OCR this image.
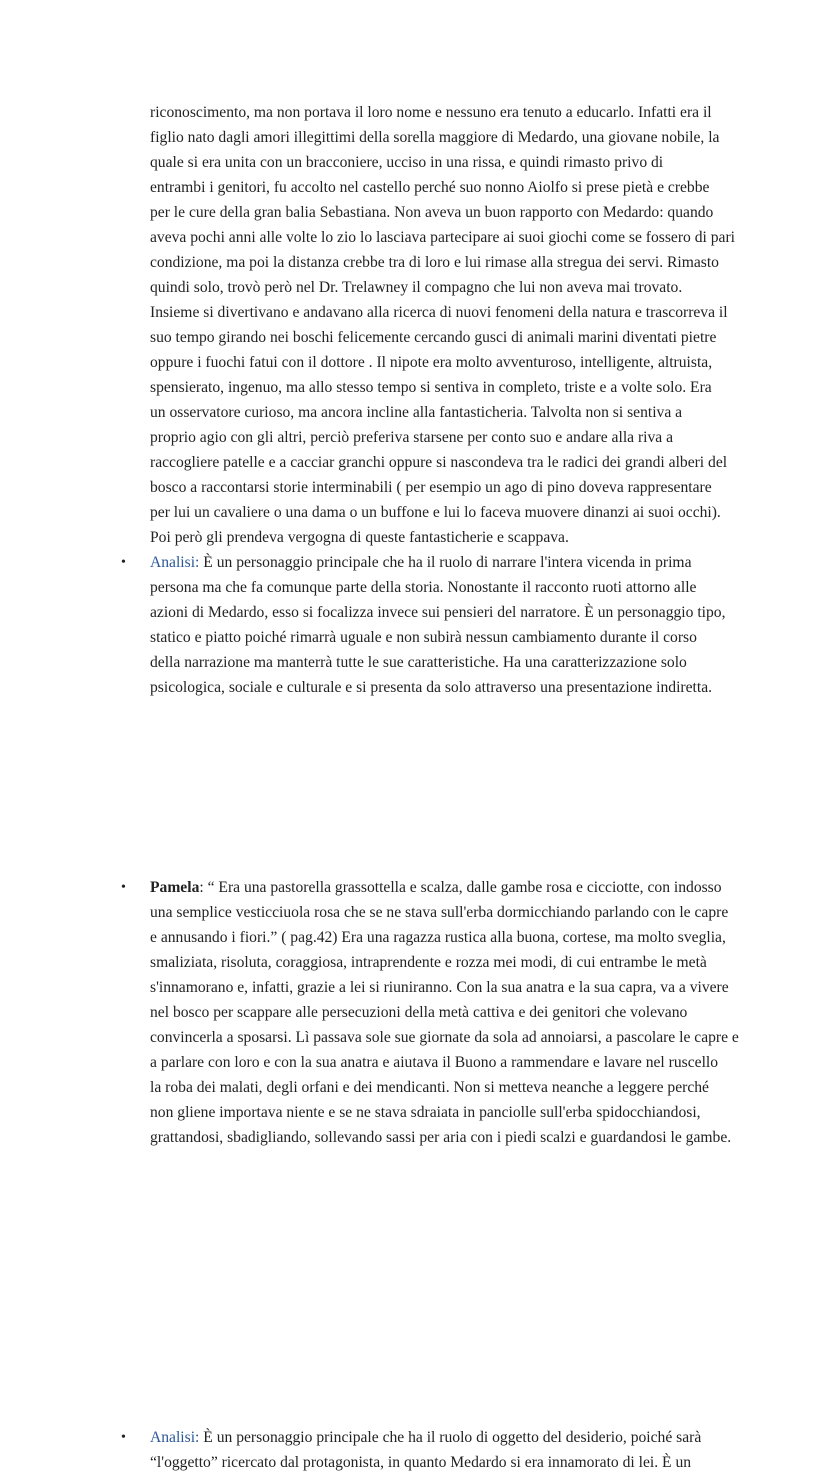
riconoscimento, ma non portava il loro nome e nessuno era tenuto a educarlo. Infatti era il
figlio nato dagli amori illegittimi della sorella maggiore di Medardo, una giovane nobile, la
quale si era unita con un bracconiere, ucciso in una rissa, e quindi rimasto privo di
entrambi i genitori, fu accolto nel castello perché suo nonno Aiolfo si prese pietà e crebbe
per le cure della gran balia Sebastiana. Non aveva un buon rapporto con Medardo: quando
aveva pochi anni alle volte lo zio lo lasciava partecipare ai suoi giochi come se fossero di pari
condizione, ma poi la distanza crebbe tra di loro e lui rimase alla stregua dei servi. Rimasto
quindi solo, trovò però nel Dr. Trelawney il compagno che lui non aveva mai trovato.
Insieme si divertivano e andavano alla ricerca di nuovi fenomeni della natura e trascorreva il
suo tempo girando nei boschi felicemente cercando gusci di animali marini diventati pietre
oppure i fuochi fatui con il dottore . Il nipote era molto avventuroso, intelligente, altruista,
spensierato, ingenuo, ma allo stesso tempo si sentiva in completo, triste e a volte solo. Era
un osservatore curioso, ma ancora incline alla fantasticheria. Talvolta non si sentiva a
proprio agio con gli altri, perciò preferiva starsene per conto suo e andare alla riva a
raccogliere patelle e a cacciar granchi oppure si nascondeva tra le radici dei grandi alberi del
bosco a raccontarsi storie interminabili ( per esempio un ago di pino doveva rappresentare
per lui un cavaliere o una dama o un buffone e lui lo faceva muovere dinanzi ai suoi occhi).
Poi però gli prendeva vergogna di queste fantasticherie e scappava.
• Analisi: È un personaggio principale che ha il ruolo di narrare l'intera vicenda in prima
persona ma che fa comunque parte della storia. Nonostante il racconto ruoti attorno alle
azioni di Medardo, esso si focalizza invece sui pensieri del narratore. È un personaggio tipo,
statico e piatto poiché rimarrà uguale e non subirà nessun cambiamento durante il corso
della narrazione ma manterrà tutte le sue caratteristiche. Ha una caratterizzazione solo
psicologica, sociale e culturale e si presenta da solo attraverso una presentazione indiretta.
• Pamela: “ Era una pastorella grassottella e scalza, dalle gambe rosa e cicciotte, con indosso
una semplice vesticciuola rosa che se ne stava sull'erba dormicchiando parlando con le capre
e annusando i fiori.” ( pag.42) Era una ragazza rustica alla buona, cortese, ma molto sveglia,
smaliziata, risoluta, coraggiosa, intraprendente e rozza mei modi, di cui entrambe le metà
s'innamorano e, infatti, grazie a lei si riuniranno. Con la sua anatra e la sua capra, va a vivere
nel bosco per scappare alle persecuzioni della metà cattiva e dei genitori che volevano
convincerla a sposarsi. Lì passava sole sue giornate da sola ad annoiarsi, a pascolare le capre e
a parlare con loro e con la sua anatra e aiutava il Buono a rammendare e lavare nel ruscello
la roba dei malati, degli orfani e dei mendicanti. Non si metteva neanche a leggere perché
non gliene importava niente e se ne stava sdraiata in panciolle sull'erba spidocchiandosi,
grattandosi, sbadigliando, sollevando sassi per aria con i piedi scalzi e guardandosi le gambe.
• Analisi: È un personaggio principale che ha il ruolo di oggetto del desiderio, poiché sarà
“l'oggetto” ricercato dal protagonista, in quanto Medardo si era innamorato di lei. È un
